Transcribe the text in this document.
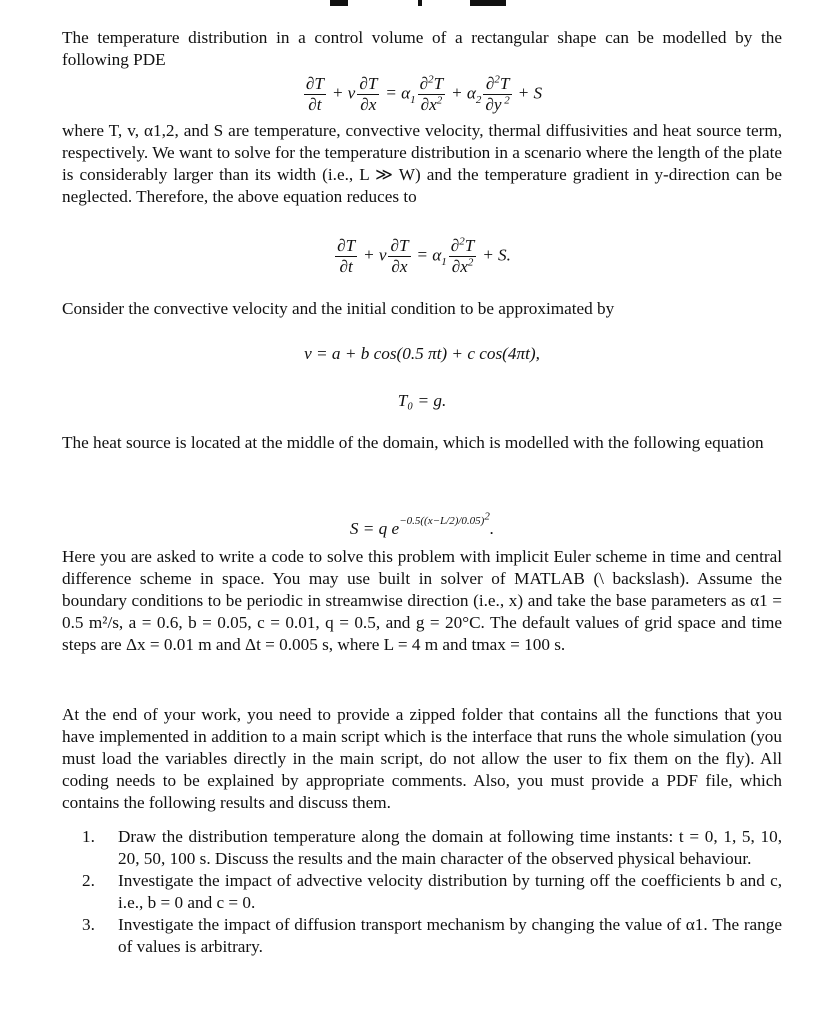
The temperature distribution in a control volume of a rectangular shape can be modelled by the following PDE

$\frac{\partial T}{\partial t} + v \frac{\partial T}{\partial x} = \alpha_1 \frac{\partial^2T}{\partial x^2} + \alpha_2 \frac{\partial^2T}{\partial y ^2} + S$

where T, v, α1,2, and S are temperature, convective velocity, thermal diffusivities and heat source term, respectively. We want to solve for the temperature distribution in a scenario where the length of the plate is considerably larger than its width (i.e., L ≫ W) and the temperature gradient in y-direction can be neglected. Therefore, the above equation reduces to

$\frac{\partial T}{\partial t} + v \frac{\partial T}{\partial x} = \alpha_1 \frac{\partial^2T}{\partial x^2} + S$.

Consider the convective velocity and the initial condition to be approximated by

v = a + b cos(0.5 πt) + c cos(4πt),
T₀ = g.

The heat source is located at the middle of the domain, which is modelled with the following equation

S = q $e^{-0.5((x-L/2)/0.05)^2}$.

Here you are asked to write a code to solve this problem with implicit Euler scheme in time and central difference scheme in space. You may use built in solver of MATLAB (\ backslash). Assume the boundary conditions to be periodic in streamwise direction (i.e., x) and take the base parameters as α1 = 0.5 m²/s, a = 0.6, b = 0.05, c = 0.01, q = 0.5, and g = 20°C. The default values of grid space and time steps are Δx = 0.01 m and Δt = 0.005 s, where L = 4 m and tmax = 100 s.

At the end of your work, you need to provide a zipped folder that contains all the functions that you have implemented in addition to a main script which is the interface that runs the whole simulation (you must load the variables directly in the main script, do not allow the user to fix them on the fly). All coding needs to be explained by appropriate comments. Also, you must provide a PDF file, which contains the following results and discuss them.

1. Draw the distribution temperature along the domain at following time instants: t = 0, 1, 5, 10, 20, 50, 100 s. Discuss the results and the main character of the observed physical behaviour.
2. Investigate the impact of advective velocity distribution by turning off the coefficients b and c, i.e., b = 0 and c = 0.
3. Investigate the impact of diffusion transport mechanism by changing the value of α1. The range of values is arbitrary.
